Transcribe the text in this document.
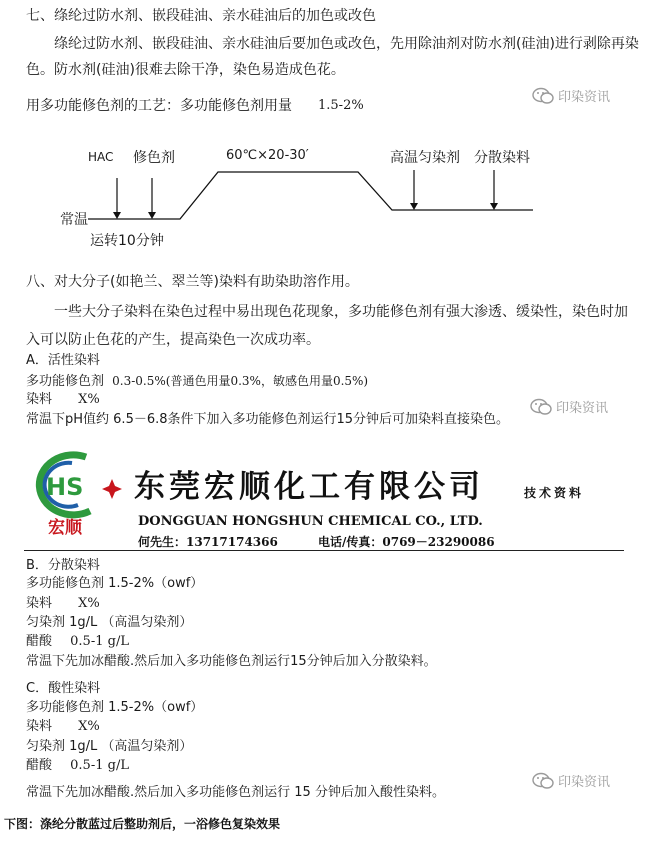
七、绦纶过防水剂、嵌段硅油、亲水硅油后的加色或改色
绦纶过防水剂、嵌段硅油、亲水硅油后要加色或改色，先用除油剂对防水剂(硅油)进行剥除再染
色。防水剂(硅油)很难去除干净，染色易造成色花。
用多功能修色剂的工艺：多功能修色剂用量 1.5-2%
印染资讯
HAC 修色剂	60℃×20-30′	高温匀染剂 分散染料
常温
运转10分钟
八、对大分子(如艳兰、翠兰等)染料有助染助溶作用。
一些大分子染料在染色过程中易出现色花现象，多功能修色剂有强大渗透、缓染性，染色时加
入可以防止色花的产生，提高染色一次成功率。
A．活性染料
多功能修色剂 0.3-0.5%(普通色用量0.3%，敏感色用量0.5%)
染料 X%
印染资讯
常温下pH值约 6.5－6.8条件下加入多功能修色剂运行15分钟后可加染料直接染色。
HS
宏顺
东莞宏顺化工有限公司	技术资料
DONGGUAN HONGSHUN CHEMICAL CO., LTD.
何先生：13717174366	电话/传真：0769－23290086
B．分散染料
多功能修色剂 1.5-2%（owf）
染料 X%
匀染剂 1g/L （高温匀染剂）
醋酸 0.5-1 g/L
常温下先加冰醋酸.然后加入多功能修色剂运行15分钟后加入分散染料。
C．酸性染料
多功能修色剂 1.5-2%（owf）
染料 X%
匀染剂 1g/L （高温匀染剂）
醋酸 0.5-1 g/L
印染资讯
常温下先加冰醋酸.然后加入多功能修色剂运行 15 分钟后加入酸性染料。
下图：涤纶分散蓝过后整助剂后，一浴修色复染效果
